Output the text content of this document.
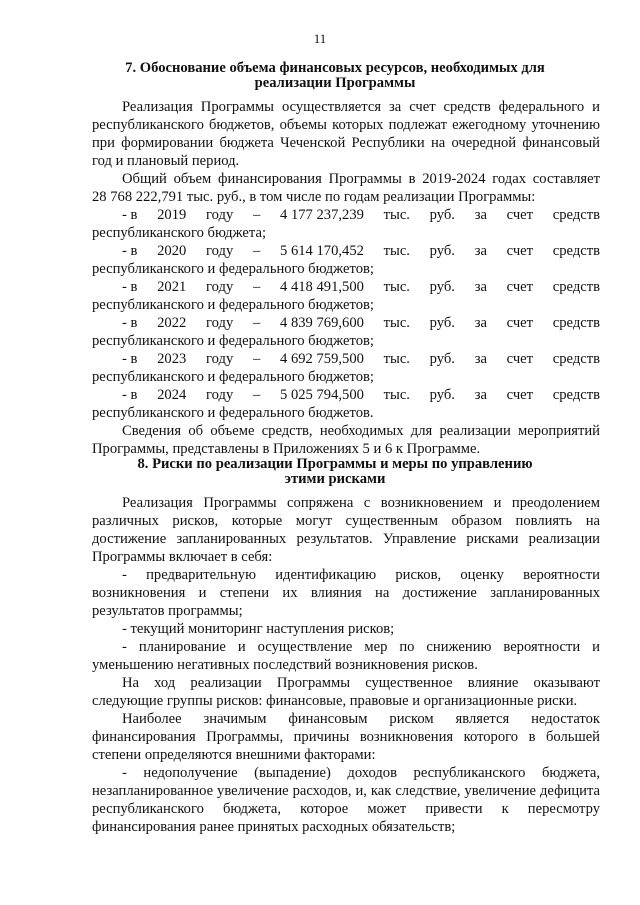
11
7. Обоснование объема финансовых ресурсов, необходимых для
реализации Программы

Реализация Программы осуществляется за счет средств федерального и республиканского бюджетов, объемы которых подлежат ежегодному уточнению при формировании бюджета Чеченской Республики на очередной финансовый год и плановый период.

Общий объем финансирования Программы в 2019-2024 годах составляет

28 768 222,791 тыс. руб., в том числе по годам реализации Программы:

- в 2019 году – 4 177 237,239 тыс. руб. за счет средств

республиканского бюджета;

- в 2020 году – 5 614 170,452 тыс. руб. за счет средств

республиканского и федерального бюджетов;

- в 2021 году – 4 418 491,500 тыс. руб. за счет средств

республиканского и федерального бюджетов;

- в 2022 году – 4 839 769,600 тыс. руб. за счет средств

республиканского и федерального бюджетов;

- в 2023 году – 4 692 759,500 тыс. руб. за счет средств

республиканского и федерального бюджетов;

- в 2024 году – 5 025 794,500 тыс. руб. за счет средств

республиканского и федерального бюджетов.

Сведения об объеме средств, необходимых для реализации мероприятий Программы, представлены в Приложениях 5 и 6 к Программе.

8. Риски по реализации Программы и меры по управлению
этими рисками

Реализация Программы сопряжена с возникновением и преодолением различных рисков, которые могут существенным образом повлиять на достижение запланированных результатов. Управление рисками реализации Программы включает в себя:

- предварительную идентификацию рисков, оценку вероятности возникновения и степени их влияния на достижение запланированных результатов программы;

- текущий мониторинг наступления рисков;

- планирование и осуществление мер по снижению вероятности и уменьшению негативных последствий возникновения рисков.

На ход реализации Программы существенное влияние оказывают следующие группы рисков: финансовые, правовые и организационные риски.

Наиболее значимым финансовым риском является недостаток финансирования Программы, причины возникновения которого в большей степени определяются внешними факторами:

- недополучение (выпадение) доходов республиканского бюджета, незапланированное увеличение расходов, и, как следствие, увеличение дефицита республиканского бюджета, которое может привести к пересмотру финансирования ранее принятых расходных обязательств;
